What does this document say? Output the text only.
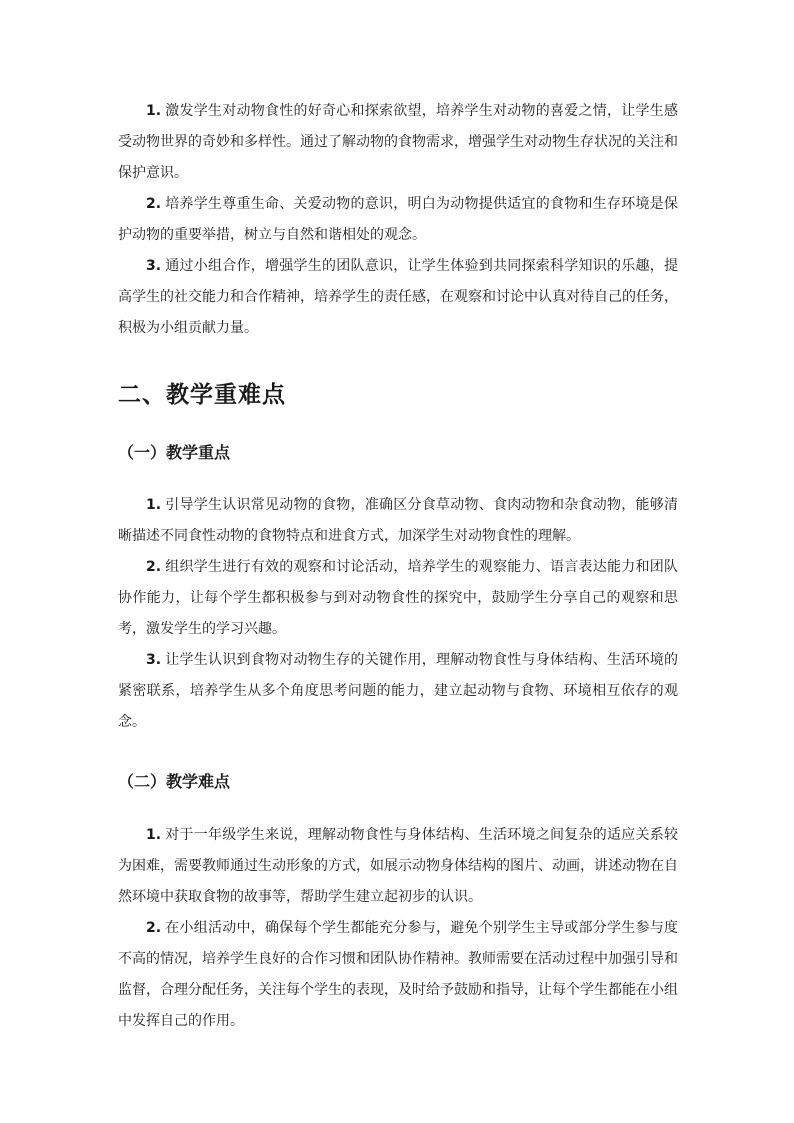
1. 激发学生对动物食性的好奇心和探索欲望，培养学生对动物的喜爱之情，让学生感受动物世界的奇妙和多样性。通过了解动物的食物需求，增强学生对动物生存状况的关注和保护意识。

2. 培养学生尊重生命、关爱动物的意识，明白为动物提供适宜的食物和生存环境是保护动物的重要举措，树立与自然和谐相处的观念。

3. 通过小组合作，增强学生的团队意识，让学生体验到共同探索科学知识的乐趣，提高学生的社交能力和合作精神，培养学生的责任感，在观察和讨论中认真对待自己的任务，积极为小组贡献力量。

二、教学重难点
（一）教学重点

1. 引导学生认识常见动物的食物，准确区分食草动物、食肉动物和杂食动物，能够清晰描述不同食性动物的食物特点和进食方式，加深学生对动物食性的理解。

2. 组织学生进行有效的观察和讨论活动，培养学生的观察能力、语言表达能力和团队协作能力，让每个学生都积极参与到对动物食性的探究中，鼓励学生分享自己的观察和思考，激发学生的学习兴趣。

3. 让学生认识到食物对动物生存的关键作用，理解动物食性与身体结构、生活环境的紧密联系，培养学生从多个角度思考问题的能力，建立起动物与食物、环境相互依存的观念。

（二）教学难点

1. 对于一年级学生来说，理解动物食性与身体结构、生活环境之间复杂的适应关系较为困难，需要教师通过生动形象的方式，如展示动物身体结构的图片、动画，讲述动物在自然环境中获取食物的故事等，帮助学生建立起初步的认识。

2. 在小组活动中，确保每个学生都能充分参与，避免个别学生主导或部分学生参与度不高的情况，培养学生良好的合作习惯和团队协作精神。教师需要在活动过程中加强引导和监督，合理分配任务，关注每个学生的表现，及时给予鼓励和指导，让每个学生都能在小组中发挥自己的作用。
